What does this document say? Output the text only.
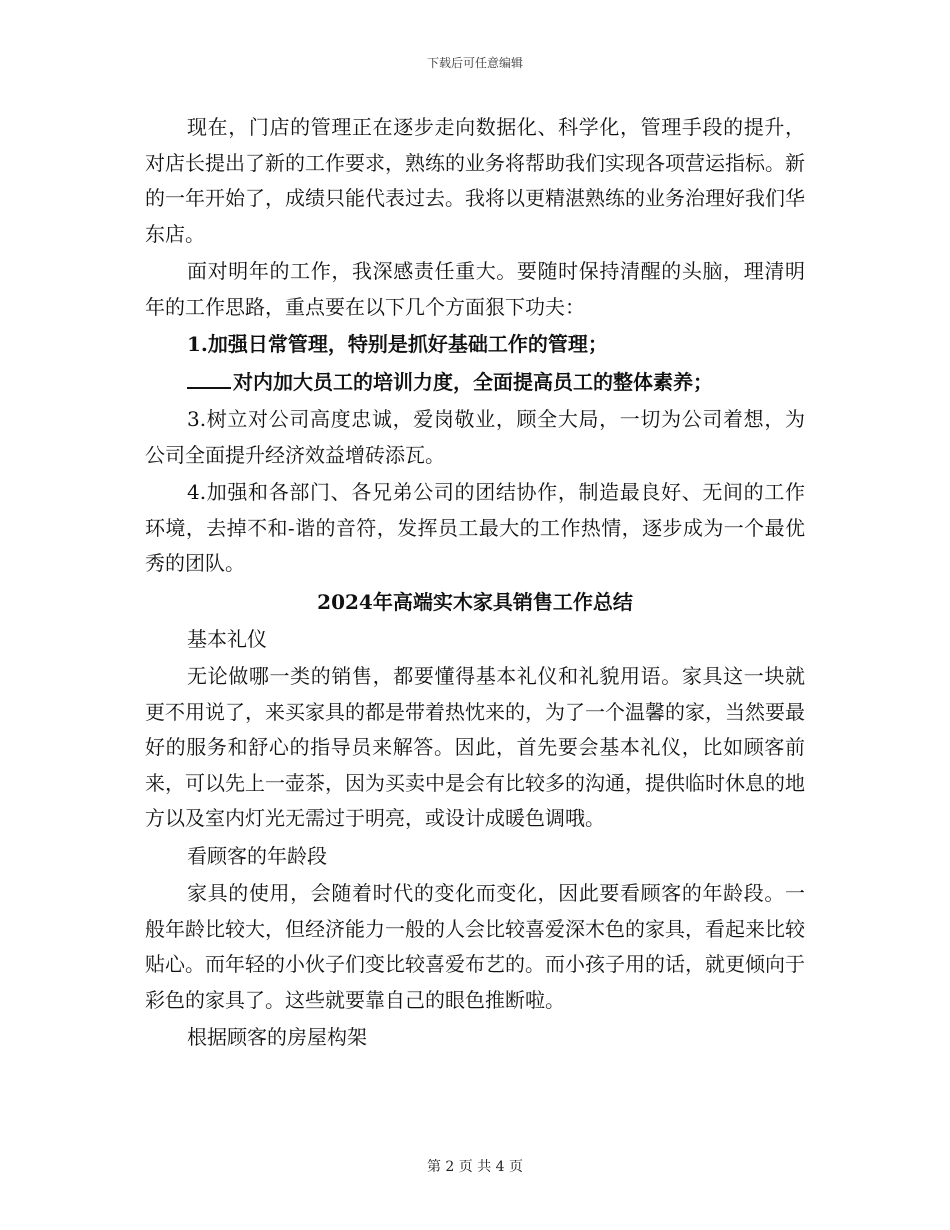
下载后可任意编辑

现在，门店的管理正在逐步走向数据化、科学化，管理手段的提升，对店长提出了新的工作要求，熟练的业务将帮助我们实现各项营运指标。新的一年开始了，成绩只能代表过去。我将以更精湛熟练的业务治理好我们华东店。

面对明年的工作，我深感责任重大。要随时保持清醒的头脑，理清明年的工作思路，重点要在以下几个方面狠下功夫：

1.加强日常管理，特别是抓好基础工作的管理；

对内加大员工的培训力度，全面提高员工的整体素养；

3.树立对公司高度忠诚，爱岗敬业，顾全大局，一切为公司着想，为公司全面提升经济效益增砖添瓦。

4.加强和各部门、各兄弟公司的团结协作，制造最良好、无间的工作环境，去掉不和-谐的音符，发挥员工最大的工作热情，逐步成为一个最优秀的团队。

2024年高端实木家具销售工作总结

基本礼仪

无论做哪一类的销售，都要懂得基本礼仪和礼貌用语。家具这一块就更不用说了，来买家具的都是带着热忱来的，为了一个温馨的家，当然要最好的服务和舒心的指导员来解答。因此，首先要会基本礼仪，比如顾客前来，可以先上一壶茶，因为买卖中是会有比较多的沟通，提供临时休息的地方以及室内灯光无需过于明亮，或设计成暖色调哦。

看顾客的年龄段

家具的使用，会随着时代的变化而变化，因此要看顾客的年龄段。一般年龄比较大，但经济能力一般的人会比较喜爱深木色的家具，看起来比较贴心。而年轻的小伙子们变比较喜爱布艺的。而小孩子用的话，就更倾向于彩色的家具了。这些就要靠自己的眼色推断啦。

根据顾客的房屋构架

第 2 页 共 4 页
